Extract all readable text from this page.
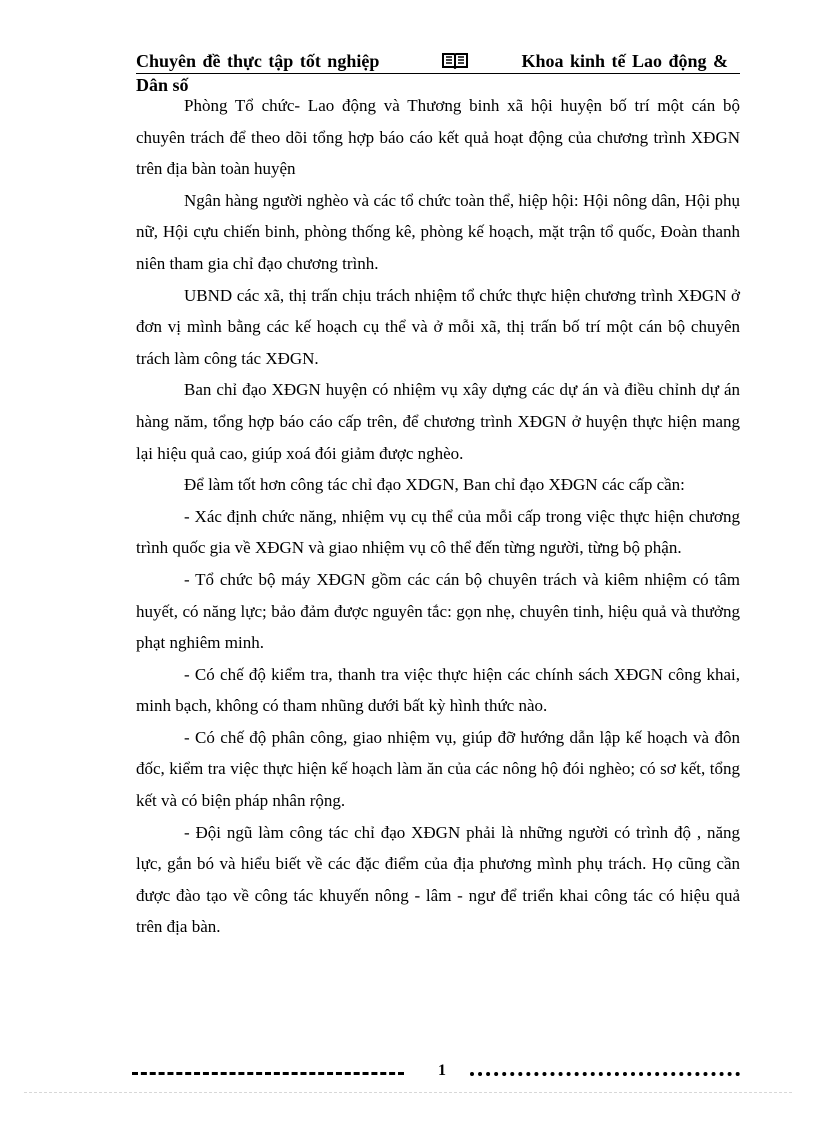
Chuyên đề thực tập tốt nghiệp	Khoa kinh tế Lao động &
Dân số

Phòng Tổ chức- Lao động và Thương binh xã hội huyện bố trí một cán bộ chuyên trách để theo dõi tổng hợp báo cáo kết quả hoạt động của chương trình XĐGN trên địa bàn toàn huyện

Ngân hàng người nghèo và các tổ chức toàn thể, hiệp hội: Hội nông dân, Hội phụ nữ, Hội cựu chiến binh, phòng thống kê, phòng kế hoạch, mặt trận tổ quốc, Đoàn thanh niên tham gia chỉ đạo chương trình.

UBND các xã, thị trấn chịu trách nhiệm tổ chức thực hiện chương trình XĐGN ở đơn vị mình bằng các kế hoạch cụ thể và ở mỗi xã, thị trấn bố trí một cán bộ chuyên trách làm công tác XĐGN.

Ban chỉ đạo XĐGN huyện có nhiệm vụ xây dựng các dự án và điều chỉnh dự án hàng năm, tổng hợp báo cáo cấp trên, để chương trình XĐGN ở huyện thực hiện mang lại hiệu quả cao, giúp xoá đói giảm được nghèo.

Để làm tốt hơn công tác chỉ đạo XDGN, Ban chỉ đạo XĐGN các cấp cần:

- Xác định chức năng, nhiệm vụ cụ thể của mỗi cấp trong việc thực hiện chương trình quốc gia về XĐGN và giao nhiệm vụ cô thể đến từng người, từng bộ phận.

- Tổ chức bộ máy XĐGN gồm các cán bộ chuyên trách và kiêm nhiệm có tâm huyết, có năng lực; bảo đảm được nguyên tắc: gọn nhẹ, chuyên tinh, hiệu quả và thưởng phạt nghiêm minh.

- Có chế độ kiểm tra, thanh tra việc thực hiện các chính sách XĐGN công khai, minh bạch, không có tham nhũng dưới bất kỳ hình thức nào.

- Có chế độ phân công, giao nhiệm vụ, giúp đỡ hướng dẫn lập kế hoạch và đôn đốc, kiểm tra việc thực hiện kế hoạch làm ăn của các nông hộ đói nghèo; có sơ kết, tổng kết và có biện pháp nhân rộng.

- Đội ngũ làm công tác chỉ đạo XĐGN phải là những người có trình độ , năng lực, gắn bó và hiểu biết về các đặc điểm của địa phương mình phụ trách. Họ cũng cần được đào tạo về công tác khuyến nông - lâm - ngư để triển khai công tác có hiệu quả trên địa bàn.

1
